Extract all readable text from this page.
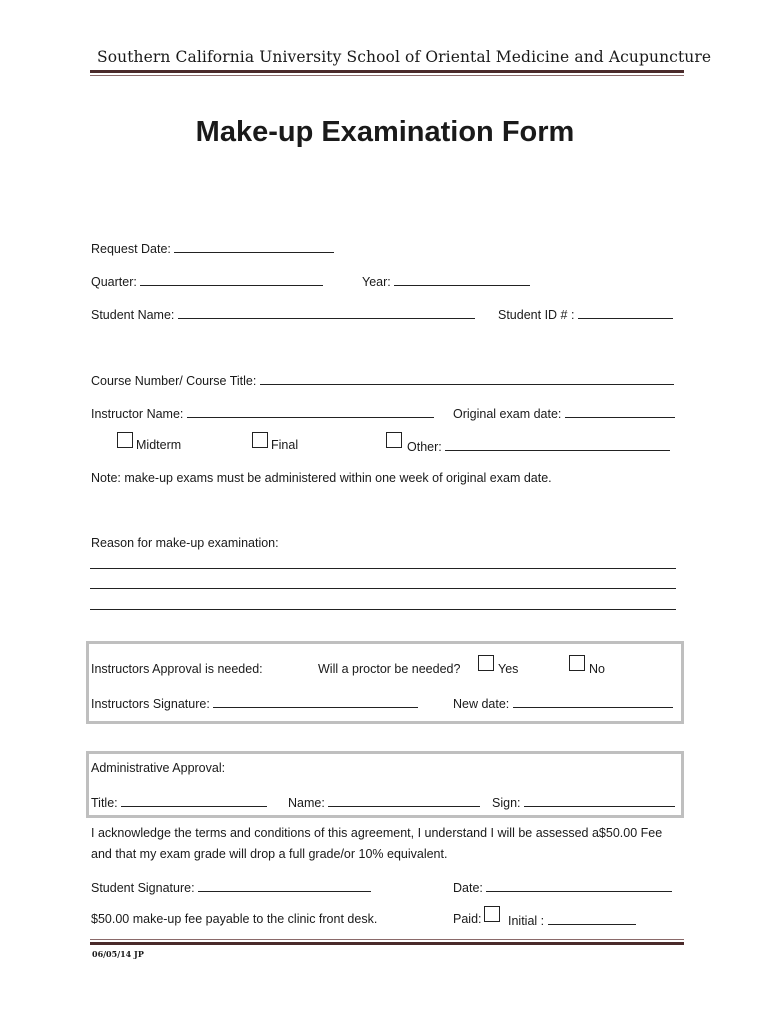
Southern California University School of Oriental Medicine and Acupuncture
Make-up Examination Form
Request Date:
Quarter:	Year:
Student Name:	Student ID # :
Course Number/ Course Title:
Instructor Name:	Original exam date:
Midterm	Final	Other:
Note: make-up exams must be administered within one week of original exam date.
Reason for make-up examination:
Instructors Approval is needed:	Will a proctor be needed?	Yes	No
Instructors Signature:	New date:
Administrative Approval:
Title:	Name:	Sign:
I acknowledge the terms and conditions of this agreement, I understand I will be assessed a$50.00 Fee
and that my exam grade will drop a full grade/or 10% equivalent.
Student Signature:	Date:
$50.00 make-up fee payable to the clinic front desk.	Paid: Initial :
06/05/14 JP
